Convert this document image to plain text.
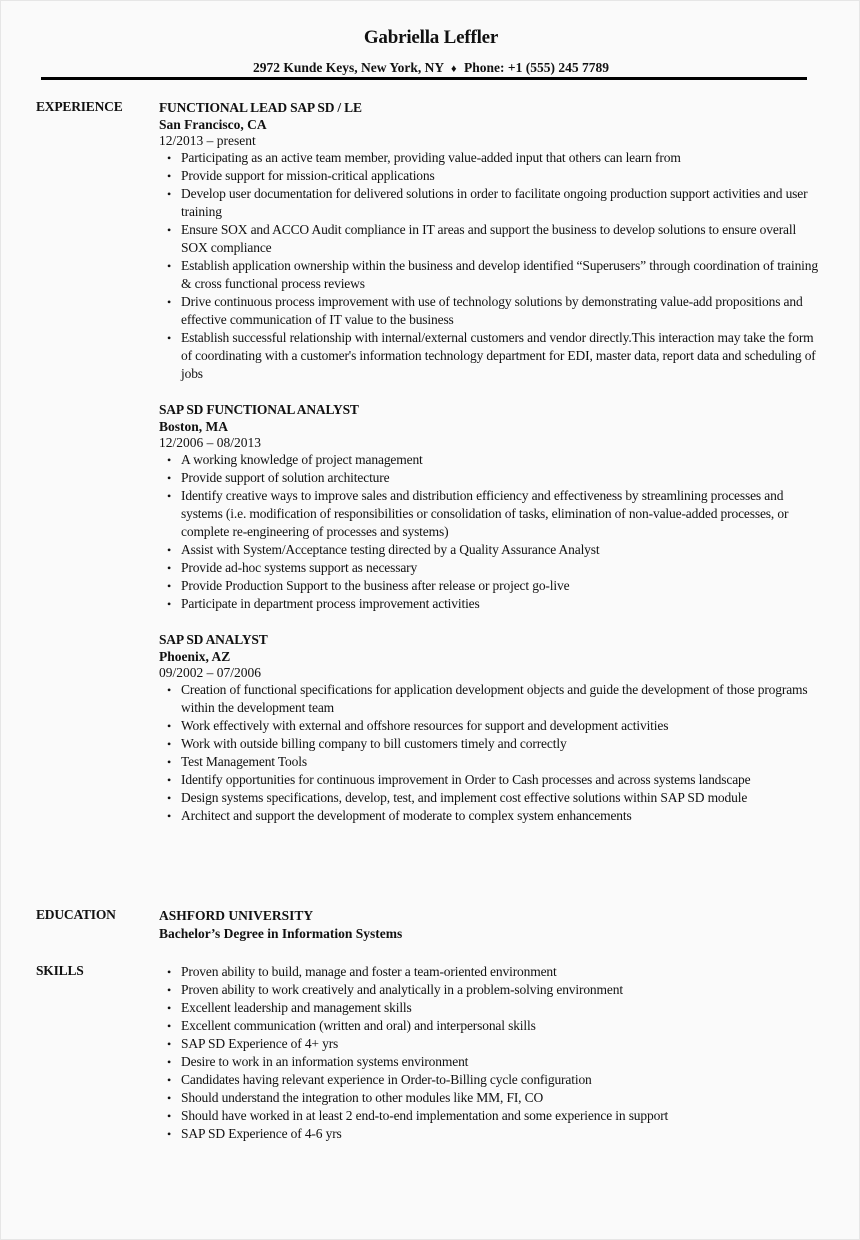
Gabriella Leffler
2972 Kunde Keys, New York, NY ♦ Phone: +1 (555) 245 7789
EXPERIENCE	FUNCTIONAL LEAD SAP SD / LE
San Francisco, CA
12/2013 – present
• Participating as an active team member, providing value-added input that others can learn from
• Provide support for mission-critical applications
• Develop user documentation for delivered solutions in order to facilitate ongoing production support activities and user training
• Ensure SOX and ACCO Audit compliance in IT areas and support the business to develop solutions to ensure overall SOX compliance
• Establish application ownership within the business and develop identified “Superusers” through coordination of training & cross functional process reviews
• Drive continuous process improvement with use of technology solutions by demonstrating value-add propositions and effective communication of IT value to the business
• Establish successful relationship with internal/external customers and vendor directly.This interaction may take the form of coordinating with a customer's information technology department for EDI, master data, report data and scheduling of jobs
SAP SD FUNCTIONAL ANALYST
Boston, MA
12/2006 – 08/2013
• A working knowledge of project management
• Provide support of solution architecture
• Identify creative ways to improve sales and distribution efficiency and effectiveness by streamlining processes and systems (i.e. modification of responsibilities or consolidation of tasks, elimination of non-value-added processes, or complete re-engineering of processes and systems)
• Assist with System/Acceptance testing directed by a Quality Assurance Analyst
• Provide ad-hoc systems support as necessary
• Provide Production Support to the business after release or project go-live
• Participate in department process improvement activities
SAP SD ANALYST
Phoenix, AZ
09/2002 – 07/2006
• Creation of functional specifications for application development objects and guide the development of those programs within the development team
• Work effectively with external and offshore resources for support and development activities
• Work with outside billing company to bill customers timely and correctly
• Test Management Tools
• Identify opportunities for continuous improvement in Order to Cash processes and across systems landscape
• Design systems specifications, develop, test, and implement cost effective solutions within SAP SD module
• Architect and support the development of moderate to complex system enhancements
EDUCATION	ASHFORD UNIVERSITY
Bachelor’s Degree in Information Systems
SKILLS	• Proven ability to build, manage and foster a team-oriented environment
• Proven ability to work creatively and analytically in a problem-solving environment
• Excellent leadership and management skills
• Excellent communication (written and oral) and interpersonal skills
• SAP SD Experience of 4+ yrs
• Desire to work in an information systems environment
• Candidates having relevant experience in Order-to-Billing cycle configuration
• Should understand the integration to other modules like MM, FI, CO
• Should have worked in at least 2 end-to-end implementation and some experience in support
• SAP SD Experience of 4-6 yrs
